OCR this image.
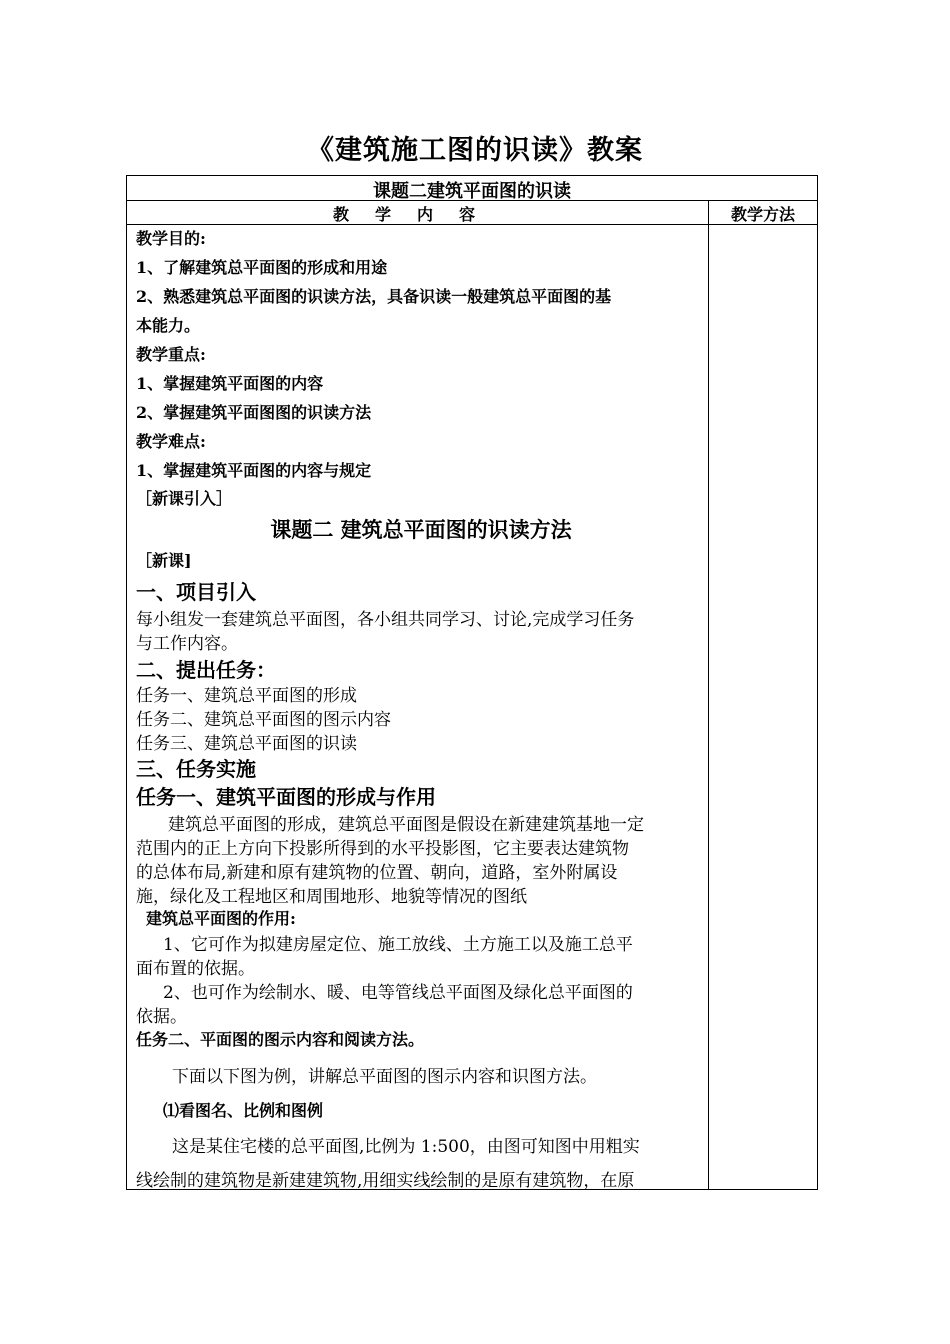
《建筑施工图的识读》教案
课题二建筑平面图的识读
教学内容	教学方法
教学目的:
1、了解建筑总平面图的形成和用途
2、熟悉建筑总平面图的识读方法，具备识读一般建筑总平面图的基
本能力。
教学重点:
1、掌握建筑平面图的内容
2、掌握建筑平面图图的识读方法
教学难点:
1、掌握建筑平面图的内容与规定
［新课引入］
课题二 建筑总平面图的识读方法
［新课]
一、项目引入
每小组发一套建筑总平面图，各小组共同学习、讨论,完成学习任务
与工作内容。
二、提出任务：
任务一、建筑总平面图的形成
任务二、建筑总平面图的图示内容
任务三、建筑总平面图的识读
三、任务实施
任务一、建筑平面图的形成与作用
建筑总平面图的形成，建筑总平面图是假设在新建建筑基地一定
范围内的正上方向下投影所得到的水平投影图，它主要表达建筑物
的总体布局,新建和原有建筑物的位置、朝向，道路，室外附属设
施，绿化及工程地区和周围地形、地貌等情况的图纸
建筑总平面图的作用:
1、它可作为拟建房屋定位、施工放线、土方施工以及施工总平
面布置的依据。
2、也可作为绘制水、暖、电等管线总平面图及绿化总平面图的
依据。
任务二、平面图的图示内容和阅读方法。
下面以下图为例，讲解总平面图的图示内容和识图方法。
⑴看图名、比例和图例
这是某住宅楼的总平面图,比例为 1:500，由图可知图中用粗实
线绘制的建筑物是新建建筑物,用细实线绘制的是原有建筑物，在原
